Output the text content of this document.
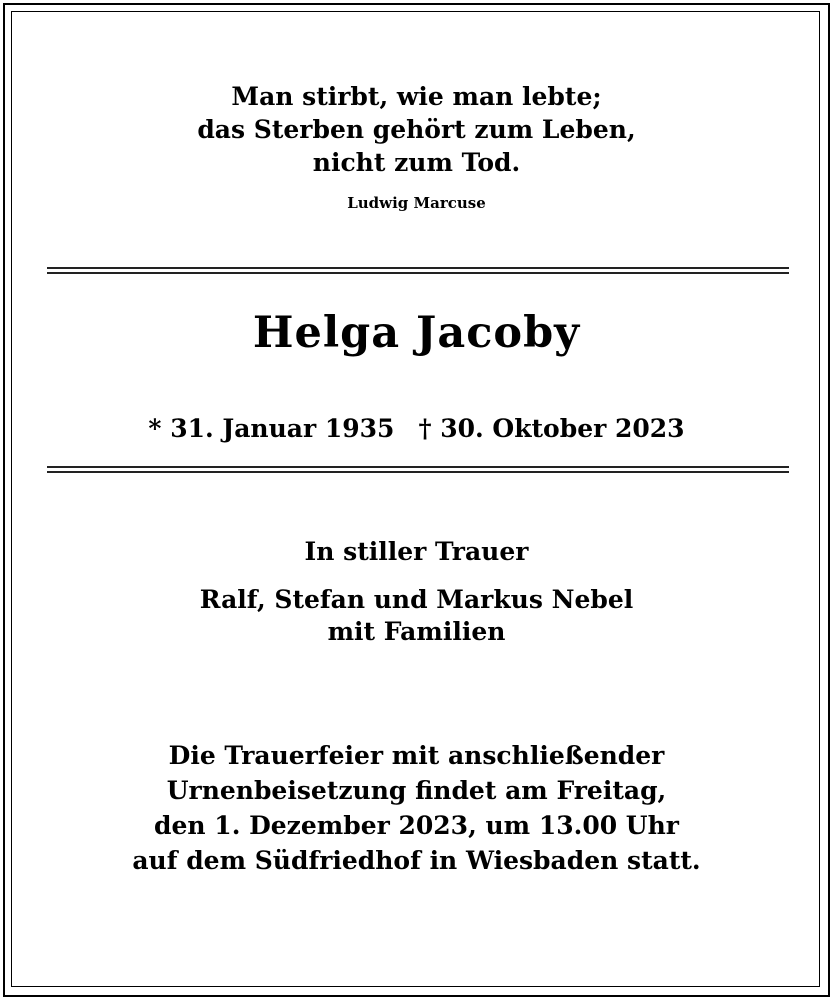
Man stirbt, wie man lebte;
das Sterben gehört zum Leben,
nicht zum Tod.
Ludwig Marcuse
Helga Jacoby
* 31. Januar 1935 † 30. Oktober 2023
In stiller Trauer
Ralf, Stefan und Markus Nebel
mit Familien
Die Trauerfeier mit anschließender
Urnenbeisetzung findet am Freitag,
den 1. Dezember 2023, um 13.00 Uhr
auf dem Südfriedhof in Wiesbaden statt.
